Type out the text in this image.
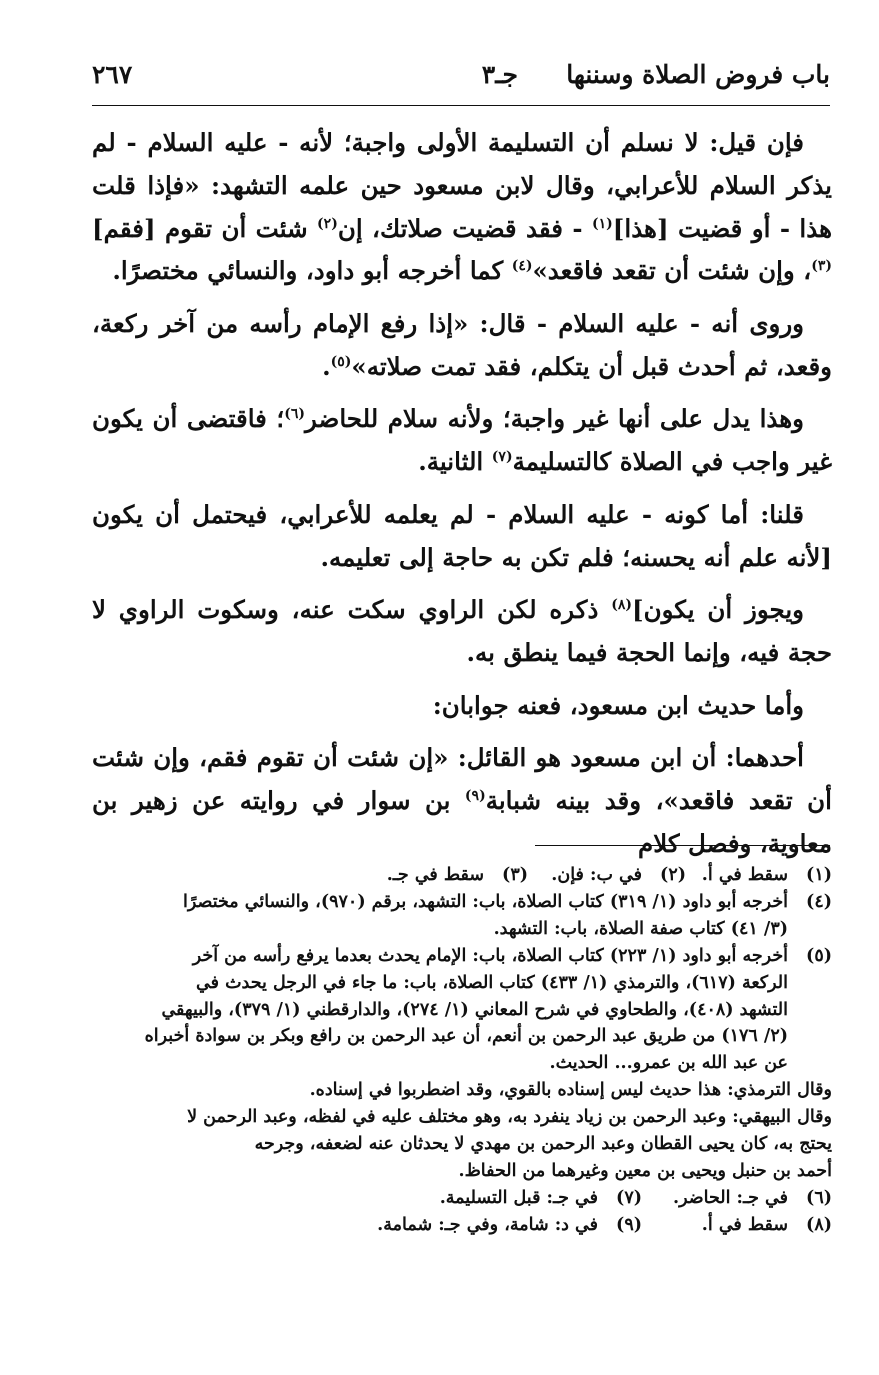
باب فروض الصلاة وسننها
جـ٣
٢٦٧

فإن قيل: لا نسلم أن التسليمة الأولى واجبة؛ لأنه - عليه السلام - لم يذكر السلام للأعرابي، وقال لابن مسعود حين علمه التشهد: «فإذا قلت هذا - أو قضيت [هذا]$^{(١)}$ - فقد قضيت صلاتك، إن$^{(٢)}$ شئت أن تقوم [فقم]$^{(٣)}$، وإن شئت أن تقعد فاقعد»$^{(٤)}$ كما أخرجه أبو داود، والنسائي مختصرًا.

وروى أنه - عليه السلام - قال: «إذا رفع الإمام رأسه من آخر ركعة، وقعد، ثم أحدث قبل أن يتكلم، فقد تمت صلاته»$^{(٥)}$.

وهذا يدل على أنها غير واجبة؛ ولأنه سلام للحاضر$^{(٦)}$؛ فاقتضى أن يكون غير واجب في الصلاة كالتسليمة$^{(٧)}$ الثانية.

قلنا: أما كونه - عليه السلام - لم يعلمه للأعرابي، فيحتمل أن يكون [لأنه علم أنه يحسنه؛ فلم تكن به حاجة إلى تعليمه.

ويجوز أن يكون]$^{(٨)}$ ذكره لكن الراوي سكت عنه، وسكوت الراوي لا حجة فيه، وإنما الحجة فيما ينطق به.

وأما حديث ابن مسعود، فعنه جوابان:

أحدهما: أن ابن مسعود هو القائل: «إن شئت أن تقوم فقم، وإن شئت أن تقعد فاقعد»، وقد بينه شبابة$^{(٩)}$ بن سوار في روايته عن زهير بن معاوية، وفصل كلام

(١)
سقط في أ.
(٢)
في ب: فإن.
(٣)
سقط في جـ.
(٤)
أخرجه أبو داود (١/ ٣١٩) كتاب الصلاة، باب: التشهد، برقم (٩٧٠)، والنسائي مختصرًا
(٣/ ٤١) كتاب صفة الصلاة، باب: التشهد.
(٥)
أخرجه أبو داود (١/ ٢٢٣) كتاب الصلاة، باب: الإمام يحدث بعدما يرفع رأسه من آخر
الركعة (٦١٧)، والترمذي (١/ ٤٣٣) كتاب الصلاة، باب: ما جاء في الرجل يحدث في
التشهد (٤٠٨)، والطحاوي في شرح المعاني (١/ ٢٧٤)، والدارقطني (١/ ٣٧٩)، والبيهقي
(٢/ ١٧٦) من طريق عبد الرحمن بن أنعم، أن عبد الرحمن بن رافع وبكر بن سوادة أخبراه
عن عبد الله بن عمرو... الحديث.
وقال الترمذي: هذا حديث ليس إسناده بالقوي، وقد اضطربوا في إسناده.
وقال البيهقي: وعبد الرحمن بن زياد ينفرد به، وهو مختلف عليه في لفظه، وعبد الرحمن لا
يحتج به، كان يحيى القطان وعبد الرحمن بن مهدي لا يحدثان عنه لضعفه، وجرحه
أحمد بن حنبل ويحيى بن معين وغيرهما من الحفاظ.
(٦)
في جـ: الحاضر.
(٧)
في جـ: قبل التسليمة.
(٨)
سقط في أ.
(٩)
في د: شامة، وفي جـ: شمامة.
